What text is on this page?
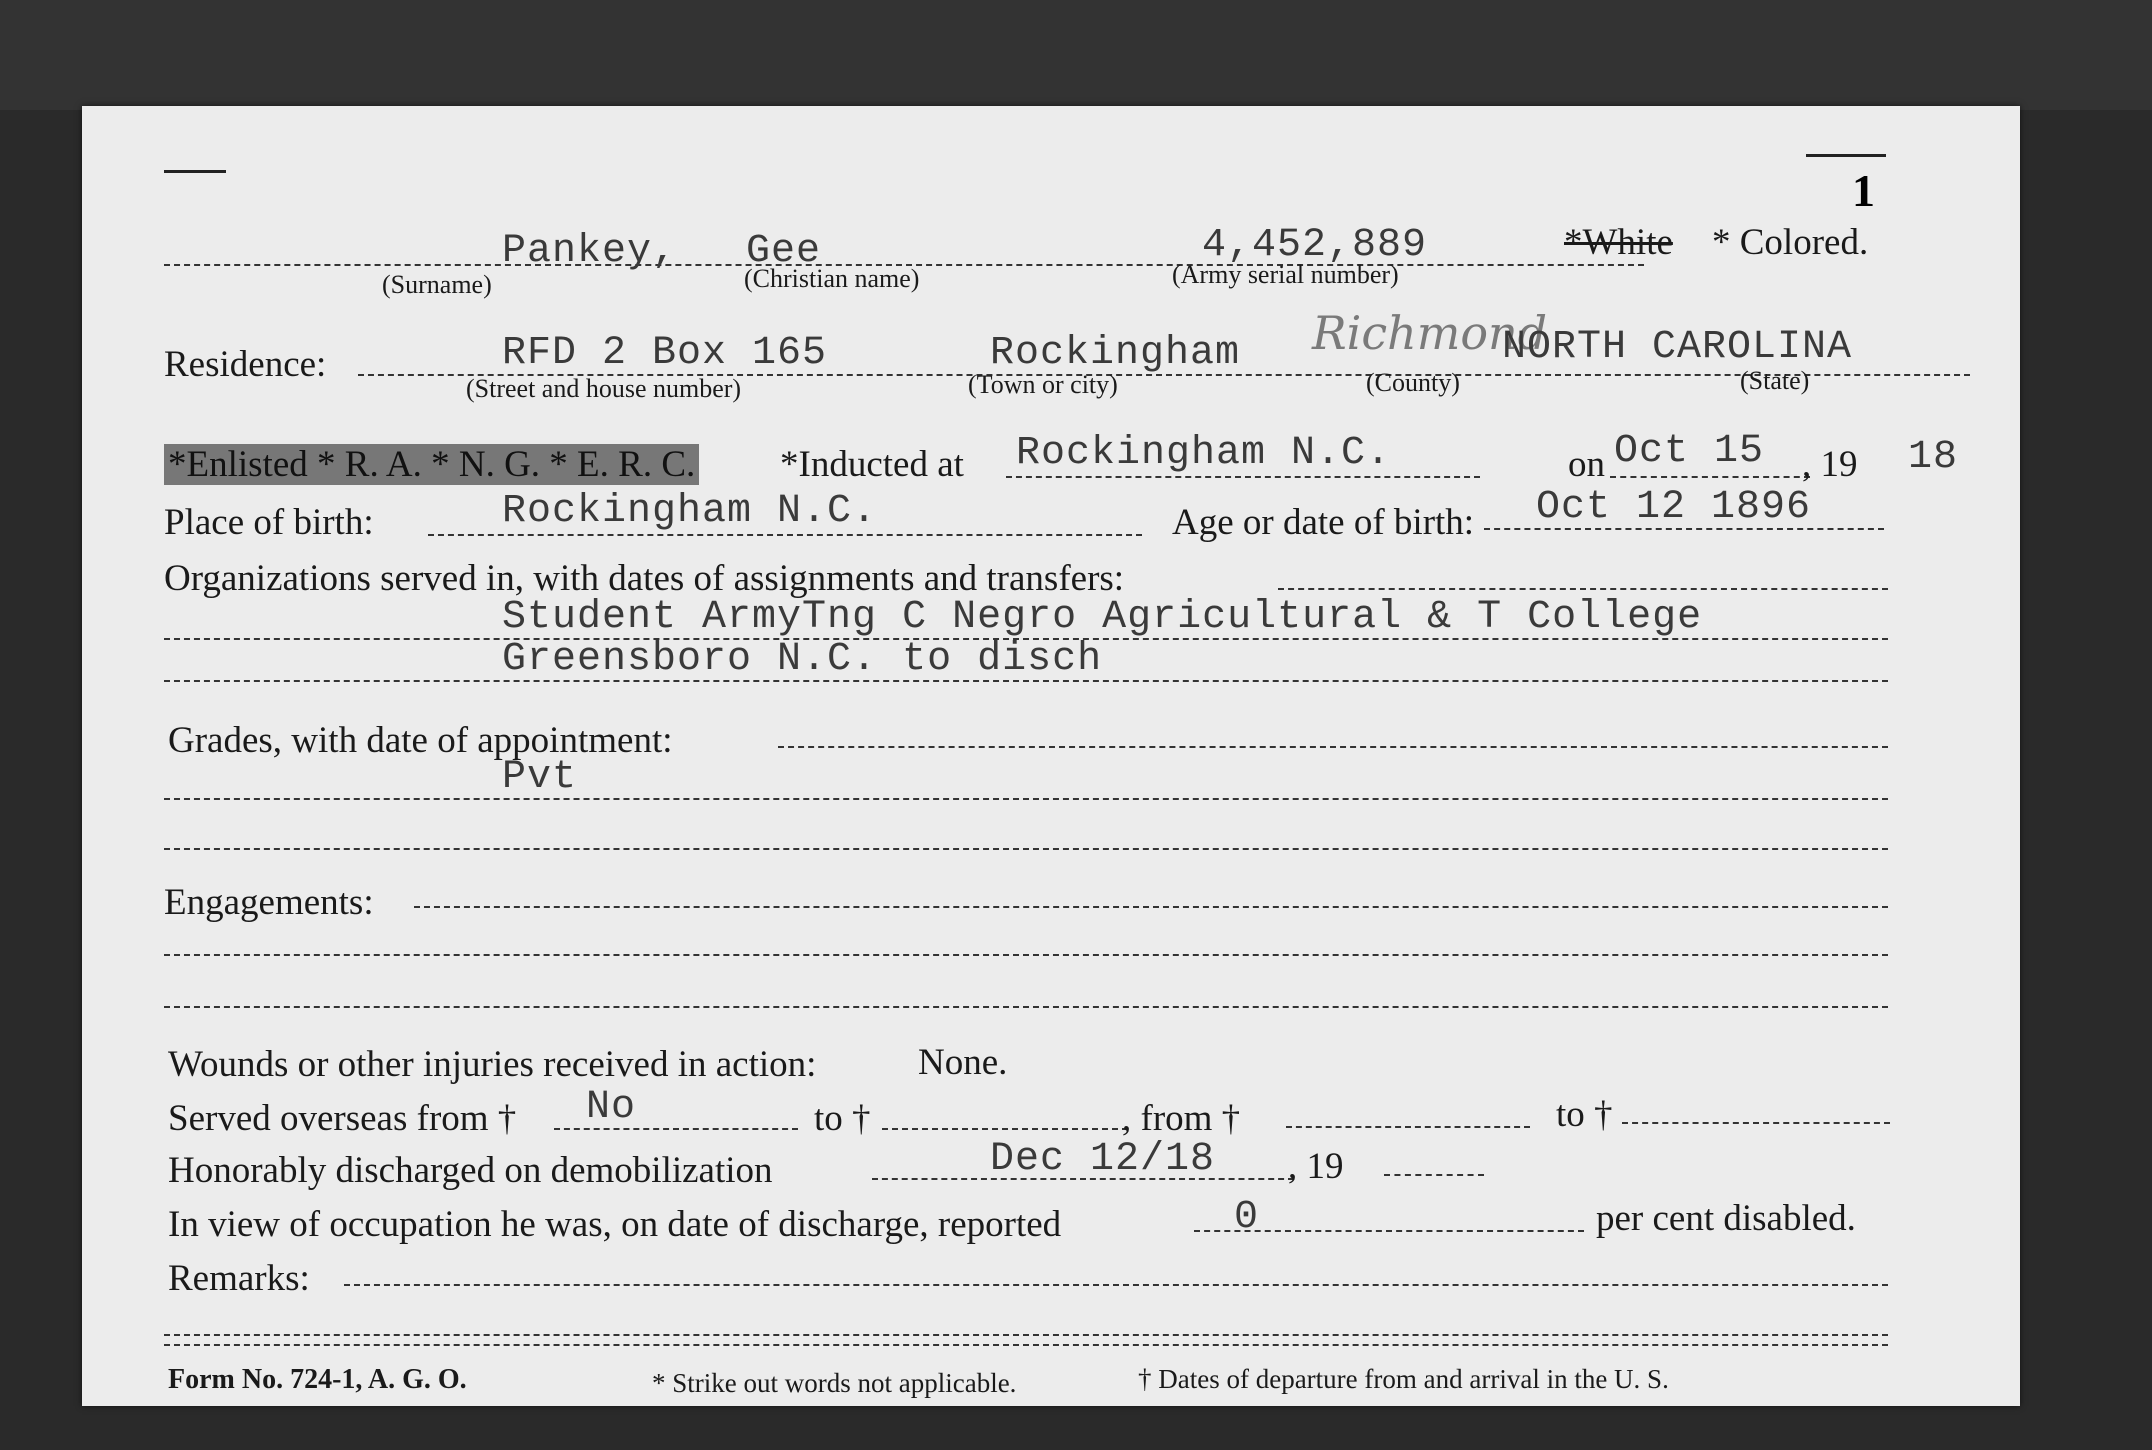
1
Pankey, Gee	4,452,889
(Surname)	(Christian name)	(Army serial number)
*White * Colored.
Residence:	RFD 2 Box 165	Rockingham Richmond
NORTH CAROLINA
(Street and house number)	(Town or city)	(County)	(State)
*Enlisted * R. A. * N. G. * E. R. C. *Inducted at Rockingham N.C.	on Oct 15 , 19 18
Place of birth:	Rockingham N.C.	Age or date of birth: Oct 12 1896
Organizations served in, with dates of assignments and transfers:
Student ArmyTng C Negro Agricultural & T College
Greensboro N.C. to disch
Grades, with date of appointment:
Pvt
Engagements:
Wounds or other injuries received in action:	None.
Served overseas from † No	to †	, from †	to †
Honorably discharged on demobilization	Dec 12/18 , 19
In view of occupation he was, on date of discharge, reported	0	per cent disabled.
Remarks:
Form No. 724-1, A. G. O.	* Strike out words not applicable.	† Dates of departure from and arrival in the U. S.
